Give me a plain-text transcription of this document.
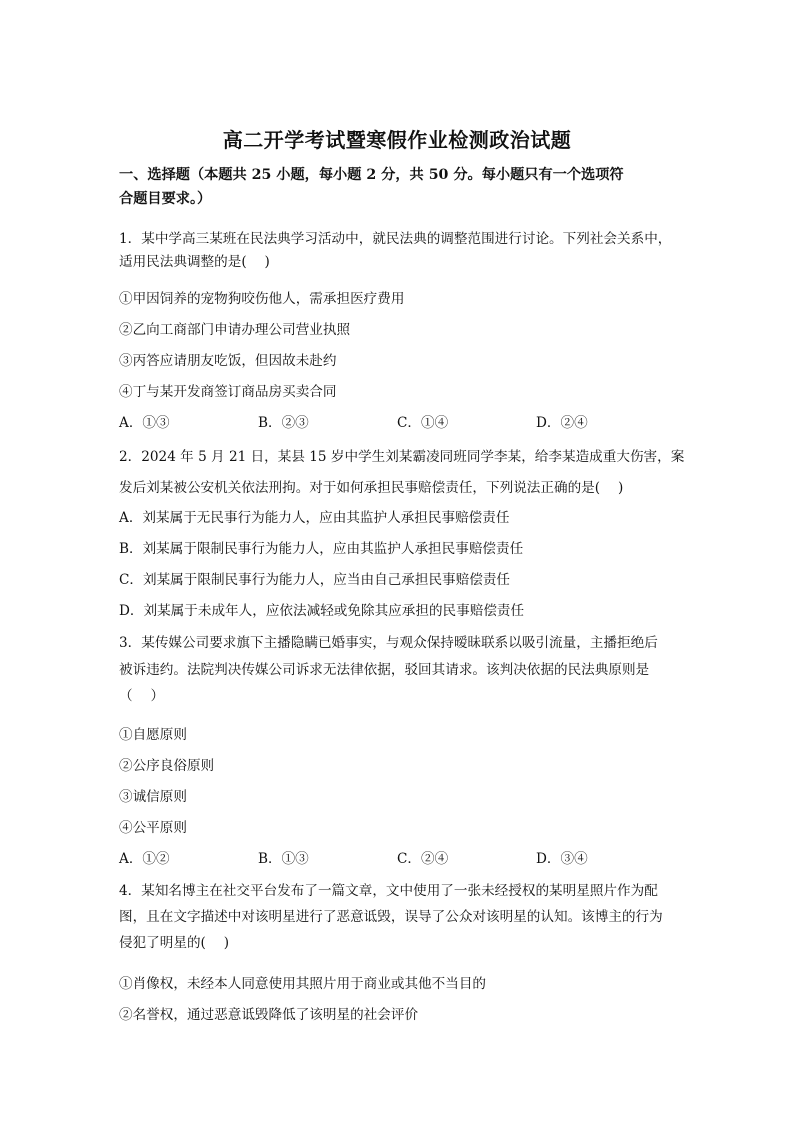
高二开学考试暨寒假作业检测政治试题
一、选择题（本题共 25 小题，每小题 2 分，共 50 分。每小题只有一个选项符
合题目要求。）
1．某中学高三某班在民法典学习活动中，就民法典的调整范围进行讨论。下列社会关系中，
适用民法典调整的是(　 )
①甲因饲养的宠物狗咬伤他人，需承担医疗费用
②乙向工商部门申请办理公司营业执照
③丙答应请朋友吃饭，但因故未赴约
④丁与某开发商签订商品房买卖合同
A．①③	B．②③	C．①④	D．②④
2．2024 年 5 月 21 日，某县 15 岁中学生刘某霸凌同班同学李某，给李某造成重大伤害，案
发后刘某被公安机关依法刑拘。对于如何承担民事赔偿责任，下列说法正确的是(　 )
A．刘某属于无民事行为能力人，应由其监护人承担民事赔偿责任
B．刘某属于限制民事行为能力人，应由其监护人承担民事赔偿责任
C．刘某属于限制民事行为能力人，应当由自己承担民事赔偿责任
D．刘某属于未成年人，应依法减轻或免除其应承担的民事赔偿责任
3．某传媒公司要求旗下主播隐瞒已婚事实，与观众保持暧昧联系以吸引流量，主播拒绝后
被诉违约。法院判决传媒公司诉求无法律依据，驳回其请求。该判决依据的民法典原则是
（　 ）
①自愿原则
②公序良俗原则
③诚信原则
④公平原则
A．①②	B．①③	C．②④	D．③④
4．某知名博主在社交平台发布了一篇文章，文中使用了一张未经授权的某明星照片作为配
图，且在文字描述中对该明星进行了恶意诋毁，误导了公众对该明星的认知。该博主的行为
侵犯了明星的(　 )
①肖像权，未经本人同意使用其照片用于商业或其他不当目的
②名誉权，通过恶意诋毁降低了该明星的社会评价
